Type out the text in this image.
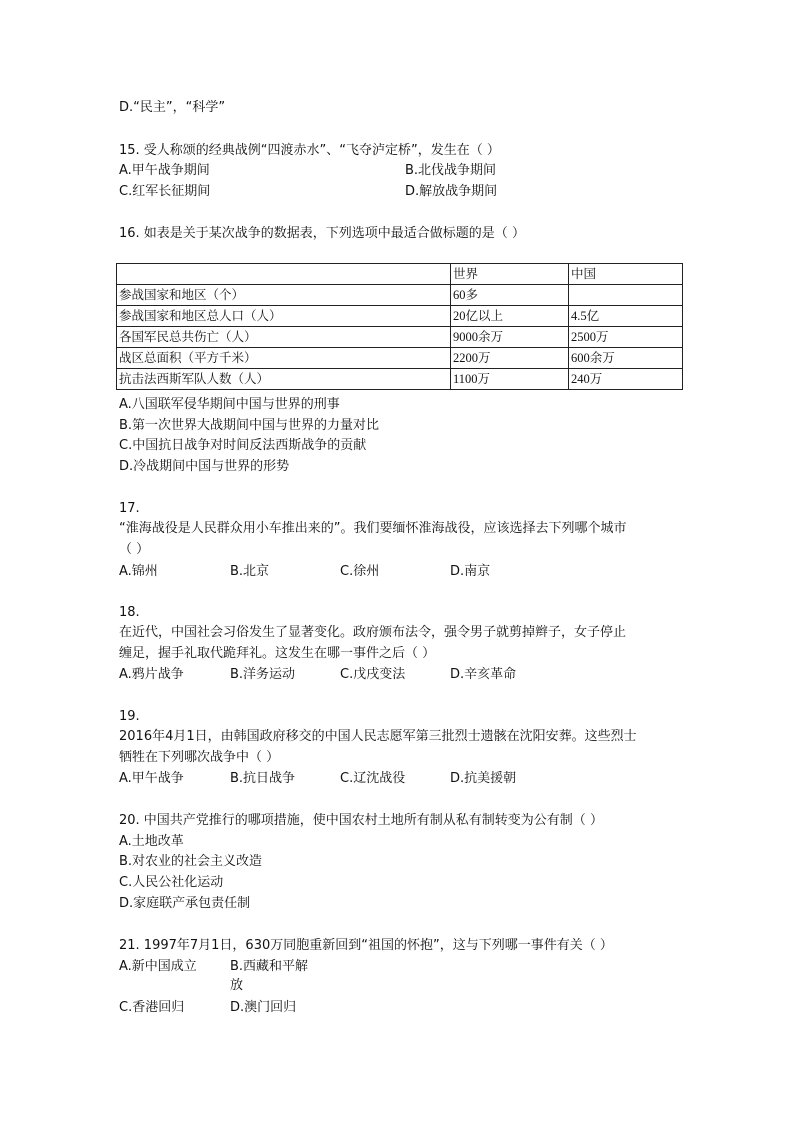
D.“民主”，“科学”
15. 受人称颂的经典战例“四渡赤水”、“飞夺泸定桥”，发生在（ ）
A.甲午战争期间	B.北伐战争期间
C.红军长征期间	D.解放战争期间
16. 如表是关于某次战争的数据表，下列选项中最适合做标题的是（ ）
	世界	中国
参战国家和地区（个）	60多	
参战国家和地区总人口（人）	20亿以上	4.5亿
各国军民总共伤亡（人）	9000余万	2500万
战区总面积（平方千米）	2200万	600余万
抗击法西斯军队人数（人）	1100万	240万
A.八国联军侵华期间中国与世界的刑事
B.第一次世界大战期间中国与世界的力量对比
C.中国抗日战争对时间反法西斯战争的贡献
D.冷战期间中国与世界的形势
17.
“淮海战役是人民群众用小车推出来的”。我们要缅怀淮海战役，应该选择去下列哪个城市
（ ）
A.锦州	B.北京	C.徐州	D.南京
18.
在近代，中国社会习俗发生了显著变化。政府颁布法令，强令男子就剪掉辫子，女子停止
缠足，握手礼取代跪拜礼。这发生在哪一事件之后（ ）
A.鸦片战争	B.洋务运动	C.戊戌变法	D.辛亥革命
19.
2016年4月1日，由韩国政府移交的中国人民志愿军第三批烈士遗骸在沈阳安葬。这些烈士
牺牲在下列哪次战争中（ ）
A.甲午战争	B.抗日战争	C.辽沈战役	D.抗美援朝
20. 中国共产党推行的哪项措施，使中国农村土地所有制从私有制转变为公有制（ ）
A.土地改革
B.对农业的社会主义改造
C.人民公社化运动
D.家庭联产承包责任制
21. 1997年7月1日，630万同胞重新回到“祖国的怀抱”，这与下列哪一事件有关（ ）
A.新中国成立	B.西藏和平解
放
C.香港回归	D.澳门回归
